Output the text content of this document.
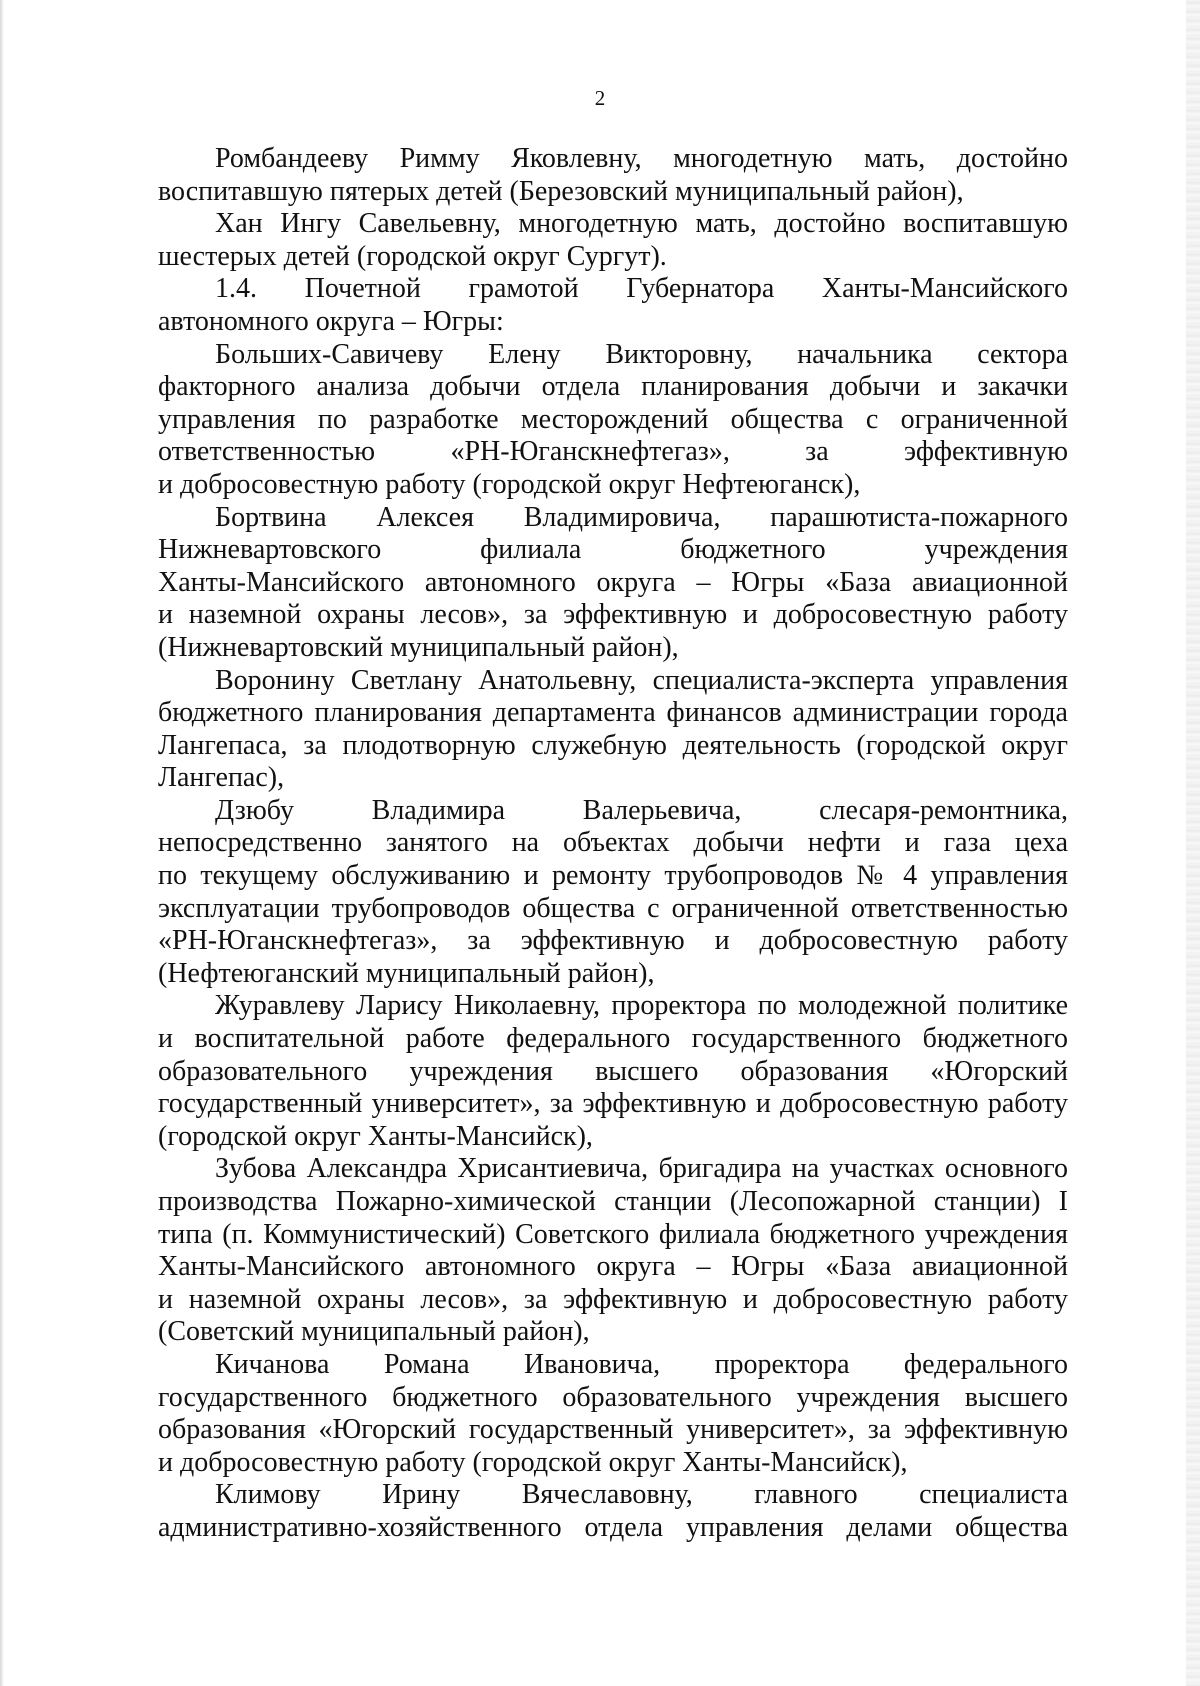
2
Ромбандееву Римму Яковлевну, многодетную мать, достойно
воспитавшую пятерых детей (Березовский муниципальный район),
Хан Ингу Савельевну, многодетную мать, достойно воспитавшую
шестерых детей (городской округ Сургут).
1.4. Почетной грамотой Губернатора Ханты-Мансийского
автономного округа – Югры:
Больших-Савичеву Елену Викторовну, начальника сектора
факторного анализа добычи отдела планирования добычи и закачки
управления по разработке месторождений общества с ограниченной
ответственностью «РН-Юганскнефтегаз», за эффективную
и добросовестную работу (городской округ Нефтеюганск),
Бортвина Алексея Владимировича, парашютиста-пожарного
Нижневартовского филиала бюджетного учреждения
Ханты-Мансийского автономного округа – Югры «База авиационной
и наземной охраны лесов», за эффективную и добросовестную работу
(Нижневартовский муниципальный район),
Воронину Светлану Анатольевну, специалиста-эксперта управления
бюджетного планирования департамента финансов администрации города
Лангепаса, за плодотворную служебную деятельность (городской округ
Лангепас),
Дзюбу Владимира Валерьевича, слесаря-ремонтника,
непосредственно занятого на объектах добычи нефти и газа цеха
по текущему обслуживанию и ремонту трубопроводов № 4 управления
эксплуатации трубопроводов общества с ограниченной ответственностью
«РН-Юганскнефтегаз», за эффективную и добросовестную работу
(Нефтеюганский муниципальный район),
Журавлеву Ларису Николаевну, проректора по молодежной политике
и воспитательной работе федерального государственного бюджетного
образовательного учреждения высшего образования «Югорский
государственный университет», за эффективную и добросовестную работу
(городской округ Ханты-Мансийск),
Зубова Александра Хрисантиевича, бригадира на участках основного
производства Пожарно-химической станции (Лесопожарной станции) I
типа (п. Коммунистический) Советского филиала бюджетного учреждения
Ханты-Мансийского автономного округа – Югры «База авиационной
и наземной охраны лесов», за эффективную и добросовестную работу
(Советский муниципальный район),
Кичанова Романа Ивановича, проректора федерального
государственного бюджетного образовательного учреждения высшего
образования «Югорский государственный университет», за эффективную
и добросовестную работу (городской округ Ханты-Мансийск),
Климову Ирину Вячеславовну, главного специалиста
административно-хозяйственного отдела управления делами общества
